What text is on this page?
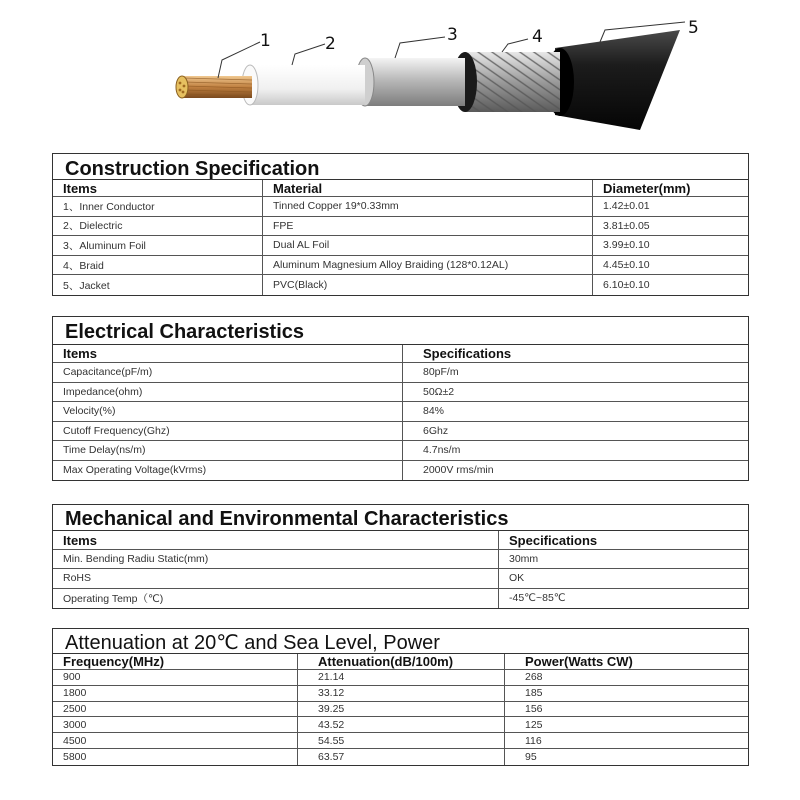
1	2	3	4	5
Construction Specification
Items	Material	Diameter(mm)
1、Inner Conductor	Tinned Copper 19*0.33mm	1.42±0.01
2、Dielectric	FPE	3.81±0.05
3、Aluminum Foil	Dual AL Foil	3.99±0.10
4、Braid	Aluminum Magnesium Alloy Braiding (128*0.12AL)	4.45±0.10
5、Jacket	PVC(Black)	6.10±0.10
Electrical Characteristics
Items	Specifications
Capacitance(pF/m)	80pF/m
Impedance(ohm)	50Ω±2
Velocity(%)	84%
Cutoff Frequency(Ghz)	6Ghz
Time Delay(ns/m)	4.7ns/m
Max Operating Voltage(kVrms)	2000V rms/min
Mechanical and Environmental Characteristics
Items	Specifications
Min. Bending Radiu Static(mm)	30mm
RoHS	OK
Operating Temp（℃)	-45℃~85℃
Attenuation at 20℃ and Sea Level, Power
Frequency(MHz)	Attenuation(dB/100m)	Power(Watts CW)
900	21.14	268
1800	33.12	185
2500	39.25	156
3000	43.52	125
4500	54.55	116
5800	63.57	95
